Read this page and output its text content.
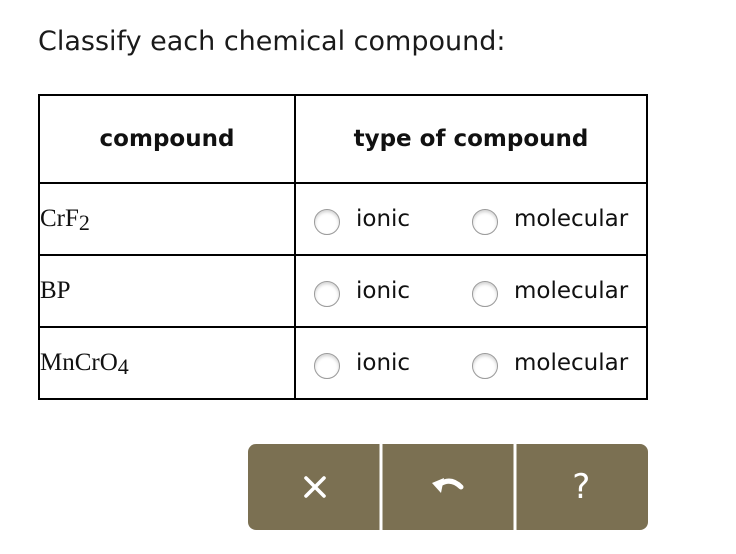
Classify each chemical compound:
compound	type of compound
CrF$_2$	ionic molecular

BP	ionic molecular

MnCrO$_4$	ionic molecular
?
